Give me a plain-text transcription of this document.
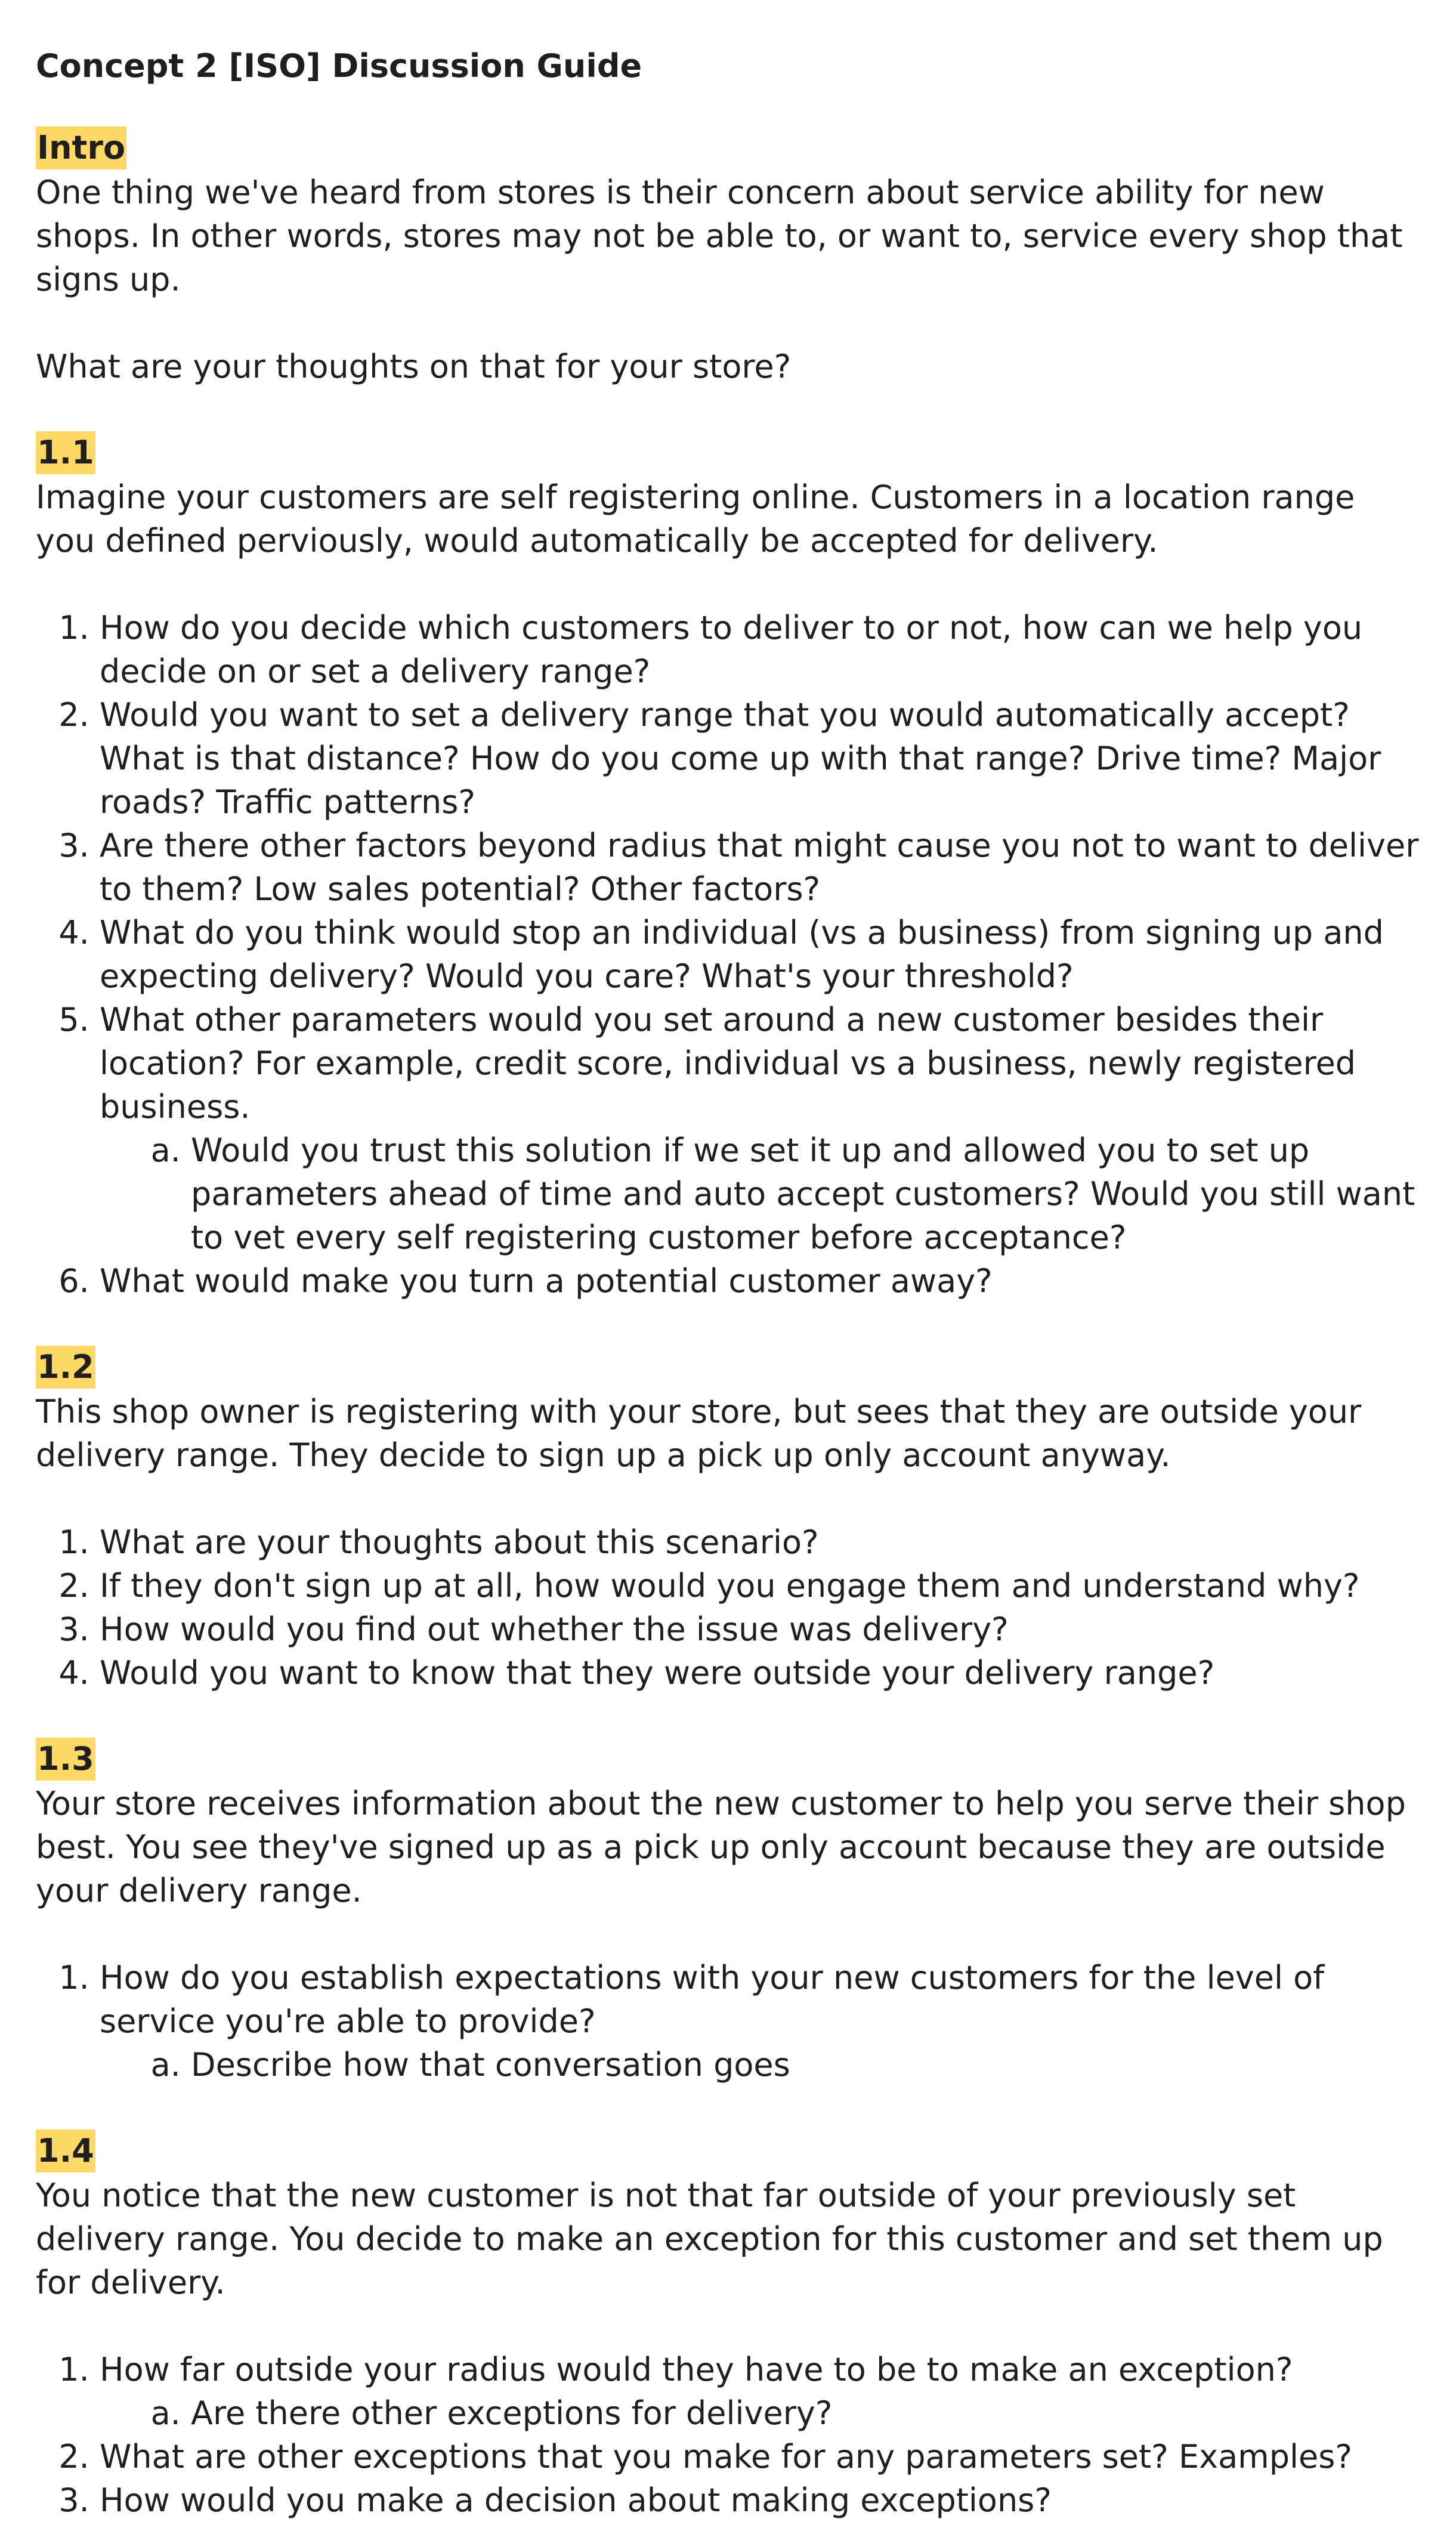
Concept 2 [ISO] Discussion Guide
Intro

One thing we've heard from stores is their concern about service ability for new shops. In other words, stores may not be able to, or want to, service every shop that signs up.

What are your thoughts on that for your store?

1.1

Imagine your customers are self registering online. Customers in a location range you defined perviously, would automatically be accepted for delivery.

1. How do you decide which customers to deliver to or not, how can we help you decide on or set a delivery range?
2. Would you want to set a delivery range that you would automatically accept? What is that distance? How do you come up with that range? Drive time? Major roads? Traffic patterns?
3. Are there other factors beyond radius that might cause you not to want to deliver to them? Low sales potential? Other factors?
4. What do you think would stop an individual (vs a business) from signing up and expecting delivery? Would you care? What's your threshold?
5. What other parameters would you set around a new customer besides their location? For example, credit score, individual vs a business, newly registered business.
a. Would you trust this solution if we set it up and allowed you to set up parameters ahead of time and auto accept customers? Would you still want to vet every self registering customer before acceptance?
6. What would make you turn a potential customer away?
1.2

This shop owner is registering with your store, but sees that they are outside your delivery range. They decide to sign up a pick up only account anyway.

1. What are your thoughts about this scenario?
2. If they don't sign up at all, how would you engage them and understand why?
3. How would you find out whether the issue was delivery?
4. Would you want to know that they were outside your delivery range?
1.3

Your store receives information about the new customer to help you serve their shop best. You see they've signed up as a pick up only account because they are outside your delivery range.

1. How do you establish expectations with your new customers for the level of service you're able to provide?
a. Describe how that conversation goes
1.4

You notice that the new customer is not that far outside of your previously set delivery range. You decide to make an exception for this customer and set them up for delivery.

1. How far outside your radius would they have to be to make an exception?
a. Are there other exceptions for delivery?
2. What are other exceptions that you make for any parameters set? Examples?
3. How would you make a decision about making exceptions?
